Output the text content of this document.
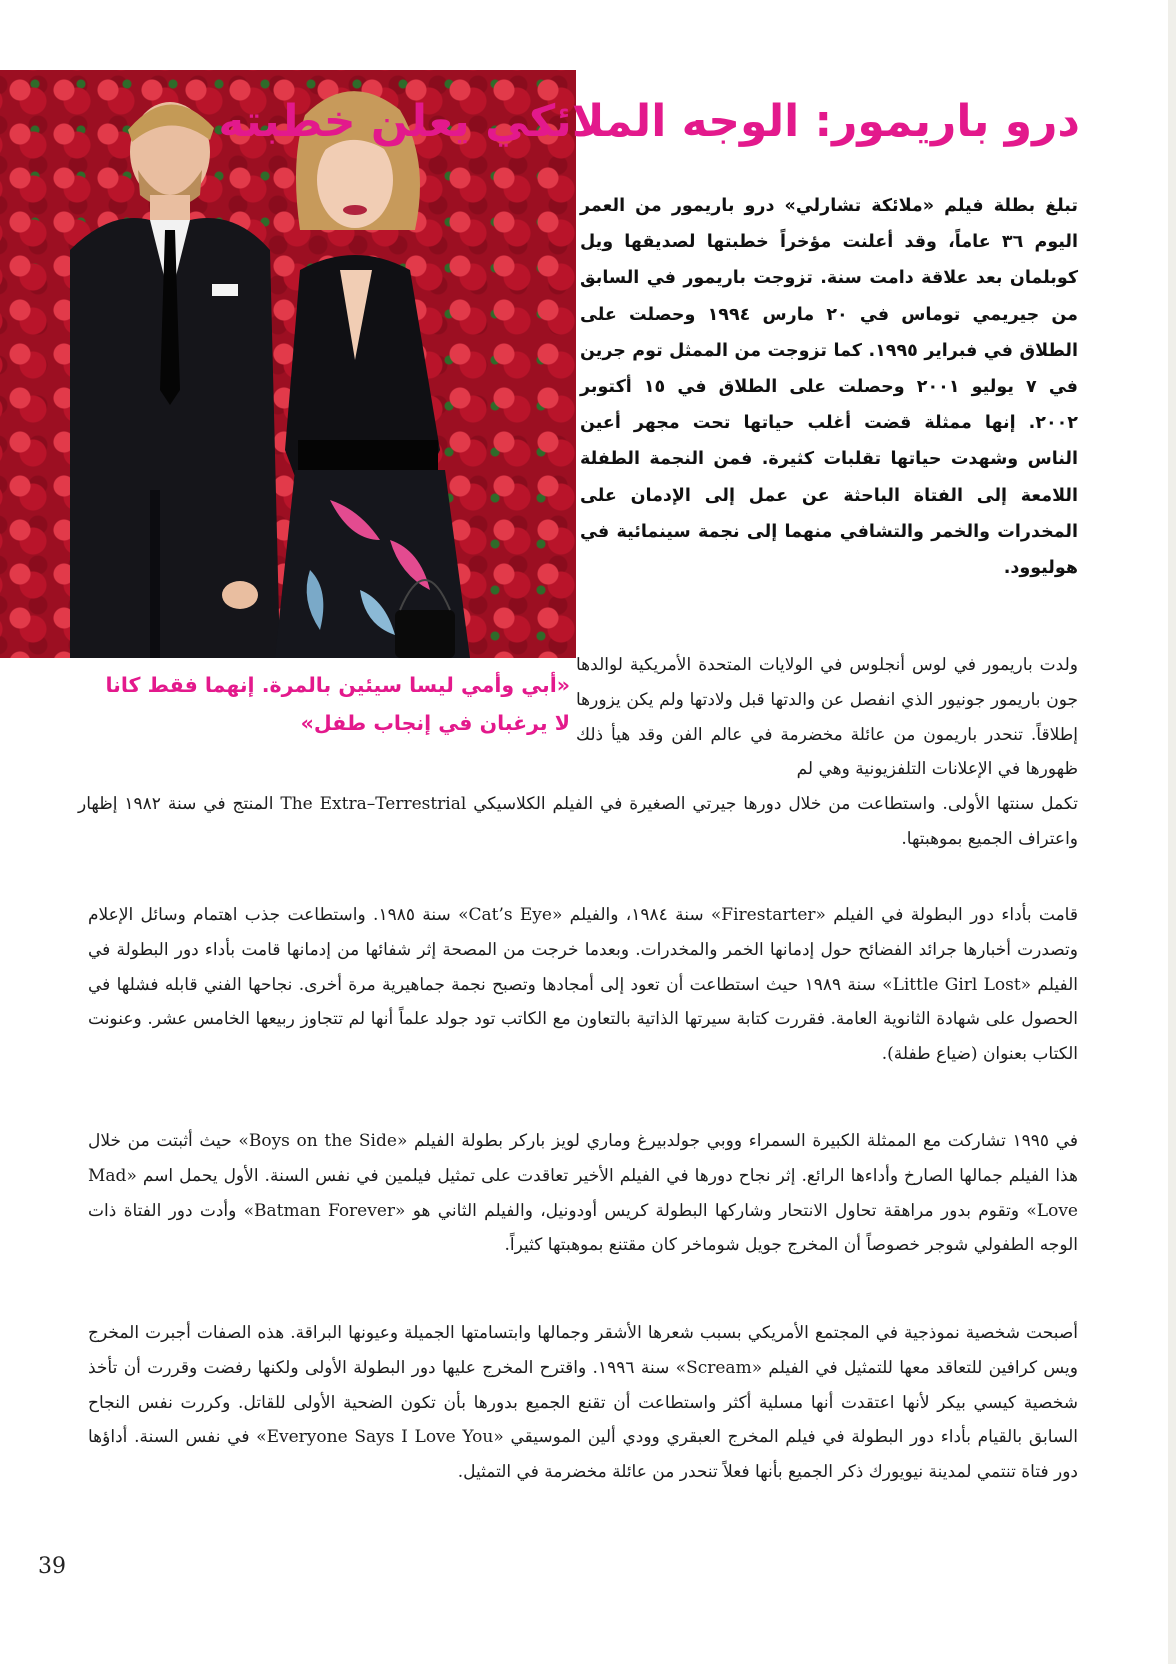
درو باريمور: الوجه الملائكي يعلن خطبته
تبلغ بطلة فيلم «ملائكة تشارلي» درو باريمور من العمر اليوم ٣٦ عاماً، وقد أعلنت مؤخراً خطبتها لصديقها ويل كوبلمان بعد علاقة دامت سنة. تزوجت باريمور في السابق من جيريمي توماس في ٢٠ مارس ١٩٩٤ وحصلت على الطلاق في فبراير ١٩٩٥. كما تزوجت من الممثل توم جرين في ٧ يوليو ٢٠٠١ وحصلت على الطلاق في ١٥ أكتوبر ٢٠٠٢. إنها ممثلة قضت أغلب حياتها تحت مجهر أعين الناس وشهدت حياتها تقلبات كثيرة. فمن النجمة الطفلة اللامعة إلى الفتاة الباحثة عن عمل إلى الإدمان على المخدرات والخمر والتشافي منهما إلى نجمة سينمائية في هوليوود.
«أبي وأمي ليسا سيئين بالمرة. إنهما فقط كانا لا يرغبان في إنجاب طفل»
ولدت باريمور في لوس أنجلوس في الولايات المتحدة الأمريكية لوالدها جون باريمور جونيور الذي انفصل عن والدتها قبل ولادتها ولم يكن يزورها إطلاقاً. تنحدر باريمون من عائلة مخضرمة في عالم الفن وقد هيأ ذلك ظهورها في الإعلانات التلفزيونية وهي لم
تكمل سنتها الأولى. واستطاعت من خلال دورها جيرتي الصغيرة في الفيلم الكلاسيكي The Extra–Terrestrial المنتج في سنة ١٩٨٢ إظهار واعتراف الجميع بموهبتها.
قامت بأداء دور البطولة في الفيلم «Firestarter» سنة ١٩٨٤، والفيلم «Cat’s Eye» سنة ١٩٨٥. واستطاعت جذب اهتمام وسائل الإعلام وتصدرت أخبارها جرائد الفضائح حول إدمانها الخمر والمخدرات. وبعدما خرجت من المصحة إثر شفائها من إدمانها قامت بأداء دور البطولة في الفيلم «Little Girl Lost» سنة ١٩٨٩ حيث استطاعت أن تعود إلى أمجادها وتصبح نجمة جماهيرية مرة أخرى. نجاحها الفني قابله فشلها في الحصول على شهادة الثانوية العامة. فقررت كتابة سيرتها الذاتية بالتعاون مع الكاتب تود جولد علماً أنها لم تتجاوز ربيعها الخامس عشر. وعنونت الكتاب بعنوان (ضياع طفلة).
في ١٩٩٥ تشاركت مع الممثلة الكبيرة السمراء ووبي جولدبيرغ وماري لويز باركر بطولة الفيلم «Boys on the Side» حيث أثبتت من خلال هذا الفيلم جمالها الصارخ وأداءها الرائع. إثر نجاح دورها في الفيلم الأخير تعاقدت على تمثيل فيلمين في نفس السنة. الأول يحمل اسم «Mad Love» وتقوم بدور مراهقة تحاول الانتحار وشاركها البطولة كريس أودونيل، والفيلم الثاني هو «Batman Forever» وأدت دور الفتاة ذات الوجه الطفولي شوجر خصوصاً أن المخرج جويل شوماخر كان مقتنع بموهبتها كثيراً.
أصبحت شخصية نموذجية في المجتمع الأمريكي بسبب شعرها الأشقر وجمالها وابتسامتها الجميلة وعيونها البراقة. هذه الصفات أجبرت المخرج ويس كرافين للتعاقد معها للتمثيل في الفيلم «Scream» سنة ١٩٩٦. واقترح المخرج عليها دور البطولة الأولى ولكنها رفضت وقررت أن تأخذ شخصية كيسي بيكر لأنها اعتقدت أنها مسلية أكثر واستطاعت أن تقنع الجميع بدورها بأن تكون الضحية الأولى للقاتل. وكررت نفس النجاح السابق بالقيام بأداء دور البطولة في فيلم المخرج العبقري وودي ألين الموسيقي «Everyone Says I Love You» في نفس السنة. أداؤها دور فتاة تنتمي لمدينة نيويورك ذكر الجميع بأنها فعلاً تنحدر من عائلة مخضرمة في التمثيل.
39
